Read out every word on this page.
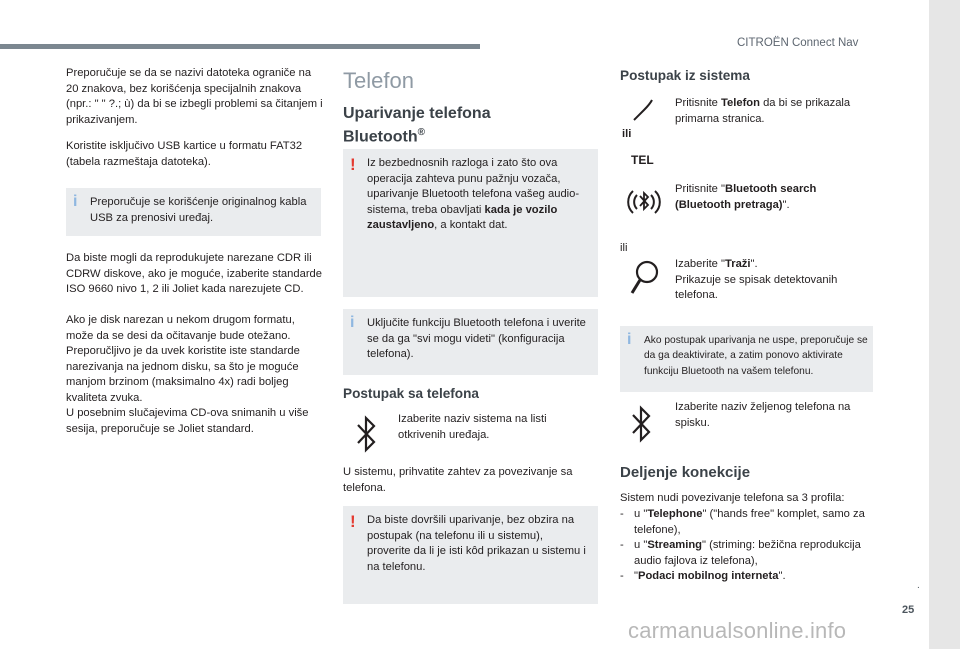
CITROËN Connect Nav
.
25
carmanualsonline.info

Preporučuje se da se nazivi datoteka ograniče na 20 znakova, bez korišćenja specijalnih znakova (npr.: " " ?.; ù) da bi se izbegli problemi sa čitanjem i prikazivanjem.

Koristite isključivo USB kartice u formatu FAT32 (tabela razmeštaja datoteka).

i Preporučuje se korišćenje originalnog kabla USB za prenosivi uređaj.

Da biste mogli da reprodukujete narezane CDR ili CDRW diskove, ako je moguće, izaberite standarde ISO 9660 nivo 1, 2 ili Joliet kada narezujete CD.

Ako je disk narezan u nekom drugom formatu, može da se desi da očitavanje bude otežano.

Preporučljivo je da uvek koristite iste standarde narezivanja na jednom disku, sa što je moguće manjom brzinom (maksimalno 4x) radi boljeg kvaliteta zvuka.

U posebnim slučajevima CD-ova snimanih u više sesija, preporučuje se Joliet standard.

Telefon
Uparivanje telefona
Bluetooth®
! Iz bezbednosnih razloga i zato što ova operacija zahteva punu pažnju vozača, uparivanje Bluetooth telefona vašeg audio-sistema, treba obavljati kada je vozilo zaustavljeno, a kontakt dat.
i Uključite funkciju Bluetooth telefona i uverite se da ga "svi mogu videti" (konfiguracija telefona).
Postupak sa telefona

Izaberite naziv sistema na listi otkrivenih uređaja.

U sistemu, prihvatite zahtev za povezivanje sa telefona.

! Da biste dovršili uparivanje, bez obzira na postupak (na telefonu ili u sistemu), proverite da li je isti kôd prikazan u sistemu i na telefonu.
Postupak iz sistema

Pritisnite Telefon da bi se prikazala primarna stranica.

ili
TEL

Pritisnite "Bluetooth search (Bluetooth pretraga)".

ili

Izaberite "Traži".
Prikazuje se spisak detektovanih telefona.

i Ako postupak uparivanja ne uspe, preporučuje se da ga deaktivirate, a zatim ponovo aktivirate funkciju Bluetooth na vašem telefonu.

Izaberite naziv željenog telefona na spisku.

Deljenje konekcije

Sistem nudi povezivanje telefona sa 3 profila:

- u "Telephone" ("hands free" komplet, samo za telefone),
- u "Streaming" (striming: bežična reprodukcija audio fajlova iz telefona),
- "Podaci mobilnog interneta".
